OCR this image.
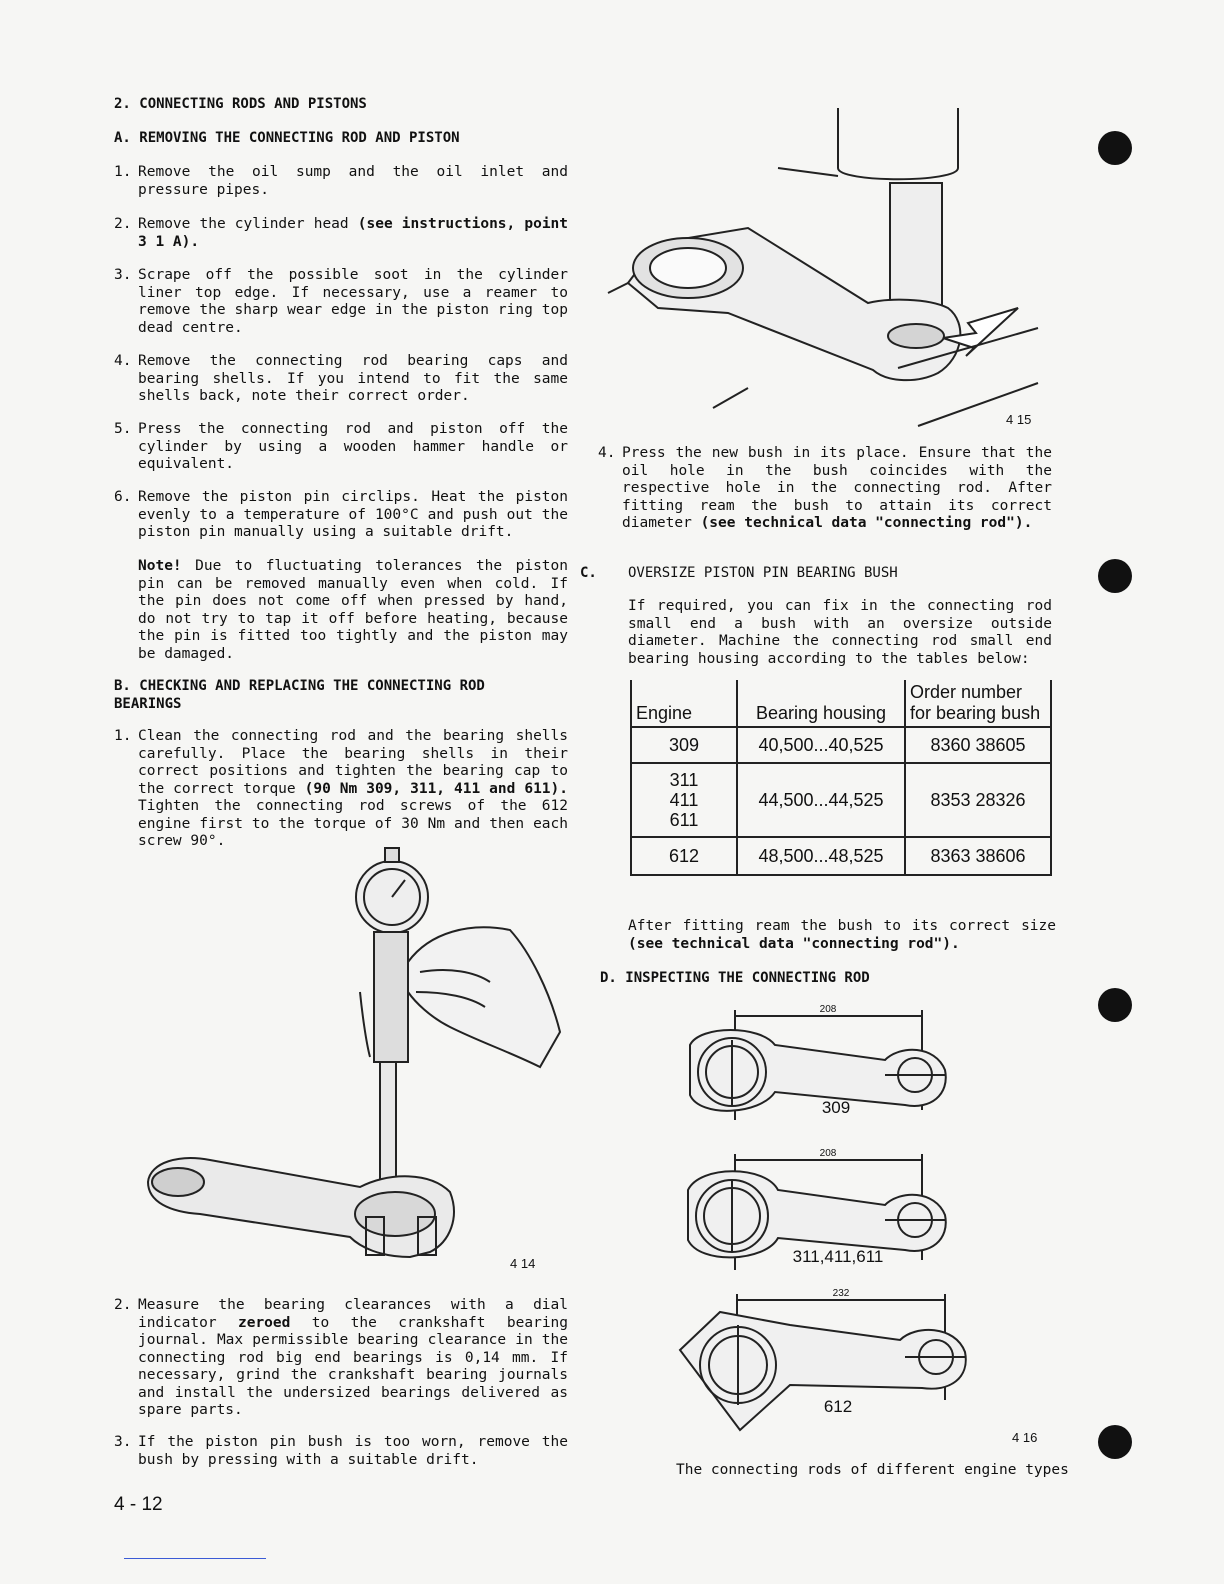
2. CONNECTING RODS AND PISTONS
A. REMOVING THE CONNECTING ROD AND PISTON
1. Remove the oil sump and the oil inlet and pressure pipes.
2. Remove the cylinder head (see instructions, point 3 1 A).
3. Scrape off the possible soot in the cylinder liner top edge. If necessary, use a reamer to remove the sharp wear edge in the piston ring top dead centre.
4. Remove the connecting rod bearing caps and bearing shells. If you intend to fit the same shells back, note their correct order.
5. Press the connecting rod and piston off the cylinder by using a wooden hammer handle or equivalent.
6. Remove the piston pin circlips. Heat the piston evenly to a temperature of 100°C and push out the piston pin manually using a suitable drift.
Note! Due to fluctuating tolerances the piston pin can be removed manually even when cold. If the pin does not come off when pressed by hand, do not try to tap it off before heating, because the pin is fitted too tightly and the piston may be damaged.
B. CHECKING AND REPLACING THE CONNECTING ROD BEARINGS
1. Clean the connecting rod and the bearing shells carefully. Place the bearing shells in their correct positions and tighten the bearing cap to the correct torque (90 Nm 309, 311, 411 and 611). Tighten the connecting rod screws of the 612 engine first to the torque of 30 Nm and then each screw 90°.
4 14
2. Measure the bearing clearances with a dial indicator zeroed to the crankshaft bearing journal. Max permissible bearing clearance in the connecting rod big end bearings is 0,14 mm. If necessary, grind the crankshaft bearing journals and install the undersized bearings delivered as spare parts.
3. If the piston pin bush is too worn, remove the bush by pressing with a suitable drift.
4 - 12
4 15
4. Press the new bush in its place. Ensure that the oil hole in the bush coincides with the respective hole in the connecting rod. After fitting ream the bush to attain its correct diameter (see technical data "connecting rod").
C. OVERSIZE PISTON PIN BEARING BUSH
If required, you can fix in the connecting rod small end a bush with an oversize outside diameter. Machine the connecting rod small end bearing housing according to the tables below:
Engine	Bearing housing	Order number for bearing bush
309	40,500...40,525	8360 38605
311
411
611	44,500...44,525	8353 28326
612	48,500...48,525	8363 38606
After fitting ream the bush to its correct size (see technical data "connecting rod").
D. INSPECTING THE CONNECTING ROD
208
208
232
309
311,411,611
612
4 16
The connecting rods of different engine types
